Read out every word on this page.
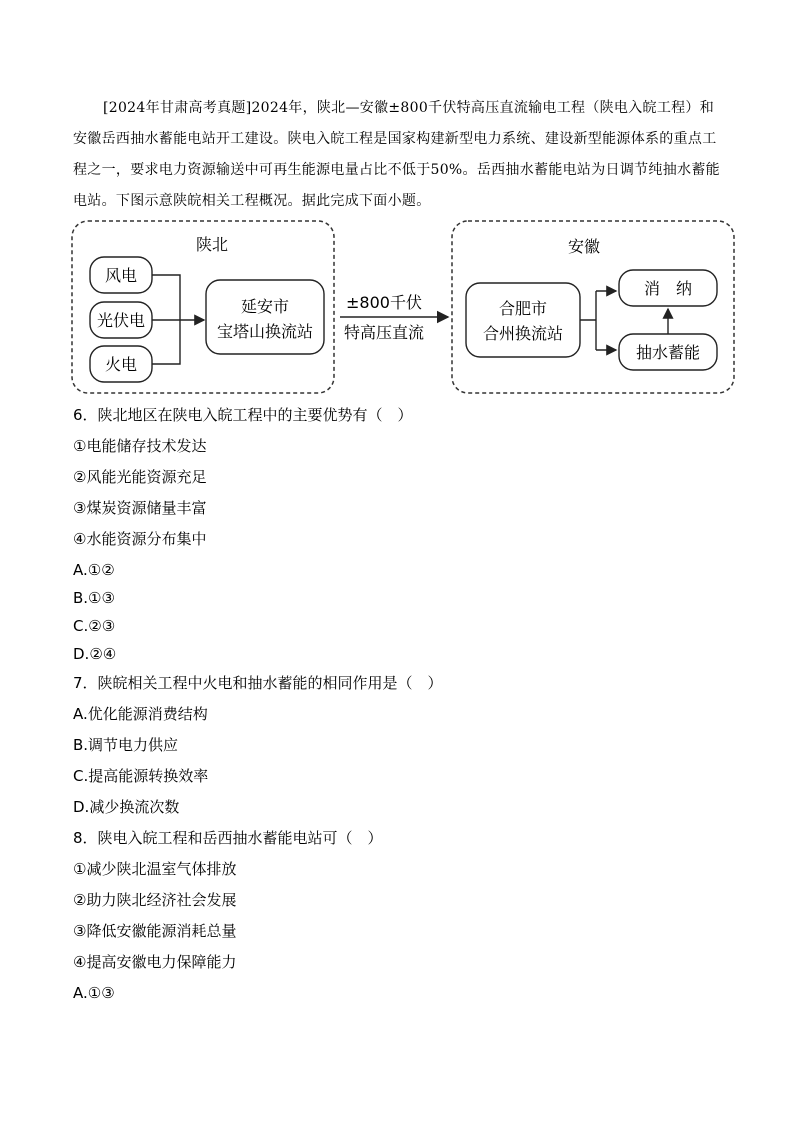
[2024年甘肃高考真题]2024年，陕北—安徽±800千伏特高压直流输电工程（陕电入皖工程）和安徽岳西抽水蓄能电站开工建设。陕电入皖工程是国家构建新型电力系统、建设新型能源体系的重点工程之一，要求电力资源输送中可再生能源电量占比不低于50%。岳西抽水蓄能电站为日调节纯抽水蓄能电站。下图示意陕皖相关工程概况。据此完成下面小题。

陕北
风电
光伏电
火电
延安市
宝塔山换流站
±800千伏
特高压直流
安徽
合肥市
合州换流站
消　纳
抽水蓄能
6．陕北地区在陕电入皖工程中的主要优势有（　）
①电能储存技术发达
②风能光能资源充足
③煤炭资源储量丰富
④水能资源分布集中
A.①②
B.①③
C.②③
D.②④
7．陕皖相关工程中火电和抽水蓄能的相同作用是（　）
A.优化能源消费结构
B.调节电力供应
C.提高能源转换效率
D.减少换流次数
8．陕电入皖工程和岳西抽水蓄能电站可（　）
①减少陕北温室气体排放
②助力陕北经济社会发展
③降低安徽能源消耗总量
④提高安徽电力保障能力
A.①③
